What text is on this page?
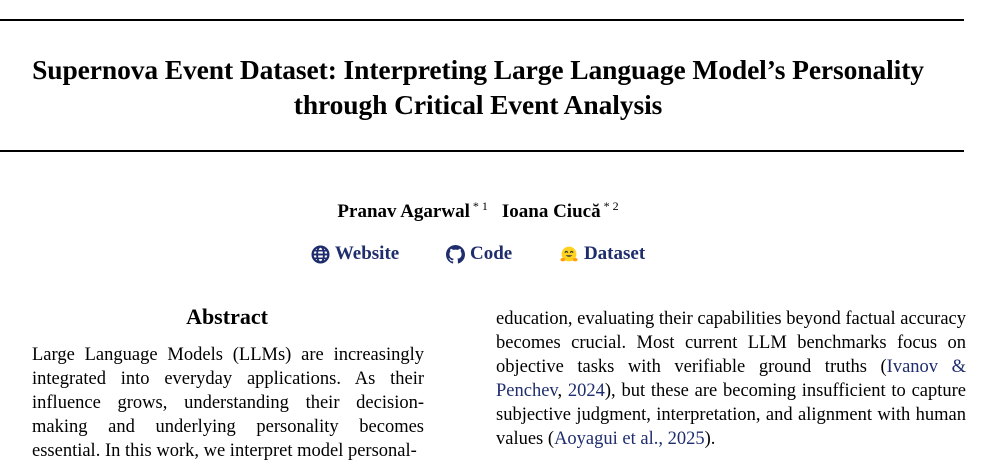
Supernova Event Dataset: Interpreting Large Language Model’s Personality through Critical Event Analysis
Pranav Agarwal $^{* 1}$ Ioana Ciucă $^{* 2}$
Website
	Code
	Dataset
Abstract
Large Language Models (LLMs) are increasingly integrated into everyday applications. As their influence grows, understanding their decision-making and underlying personality becomes essential. In this work, we interpret model personal-
education, evaluating their capabilities beyond factual accuracy becomes crucial. Most current LLM benchmarks focus on objective tasks with verifiable ground truths (Ivanov & Penchev, 2024), but these are becoming insufficient to capture subjective judgment, interpretation, and alignment with human values (Aoyagui et al., 2025).
